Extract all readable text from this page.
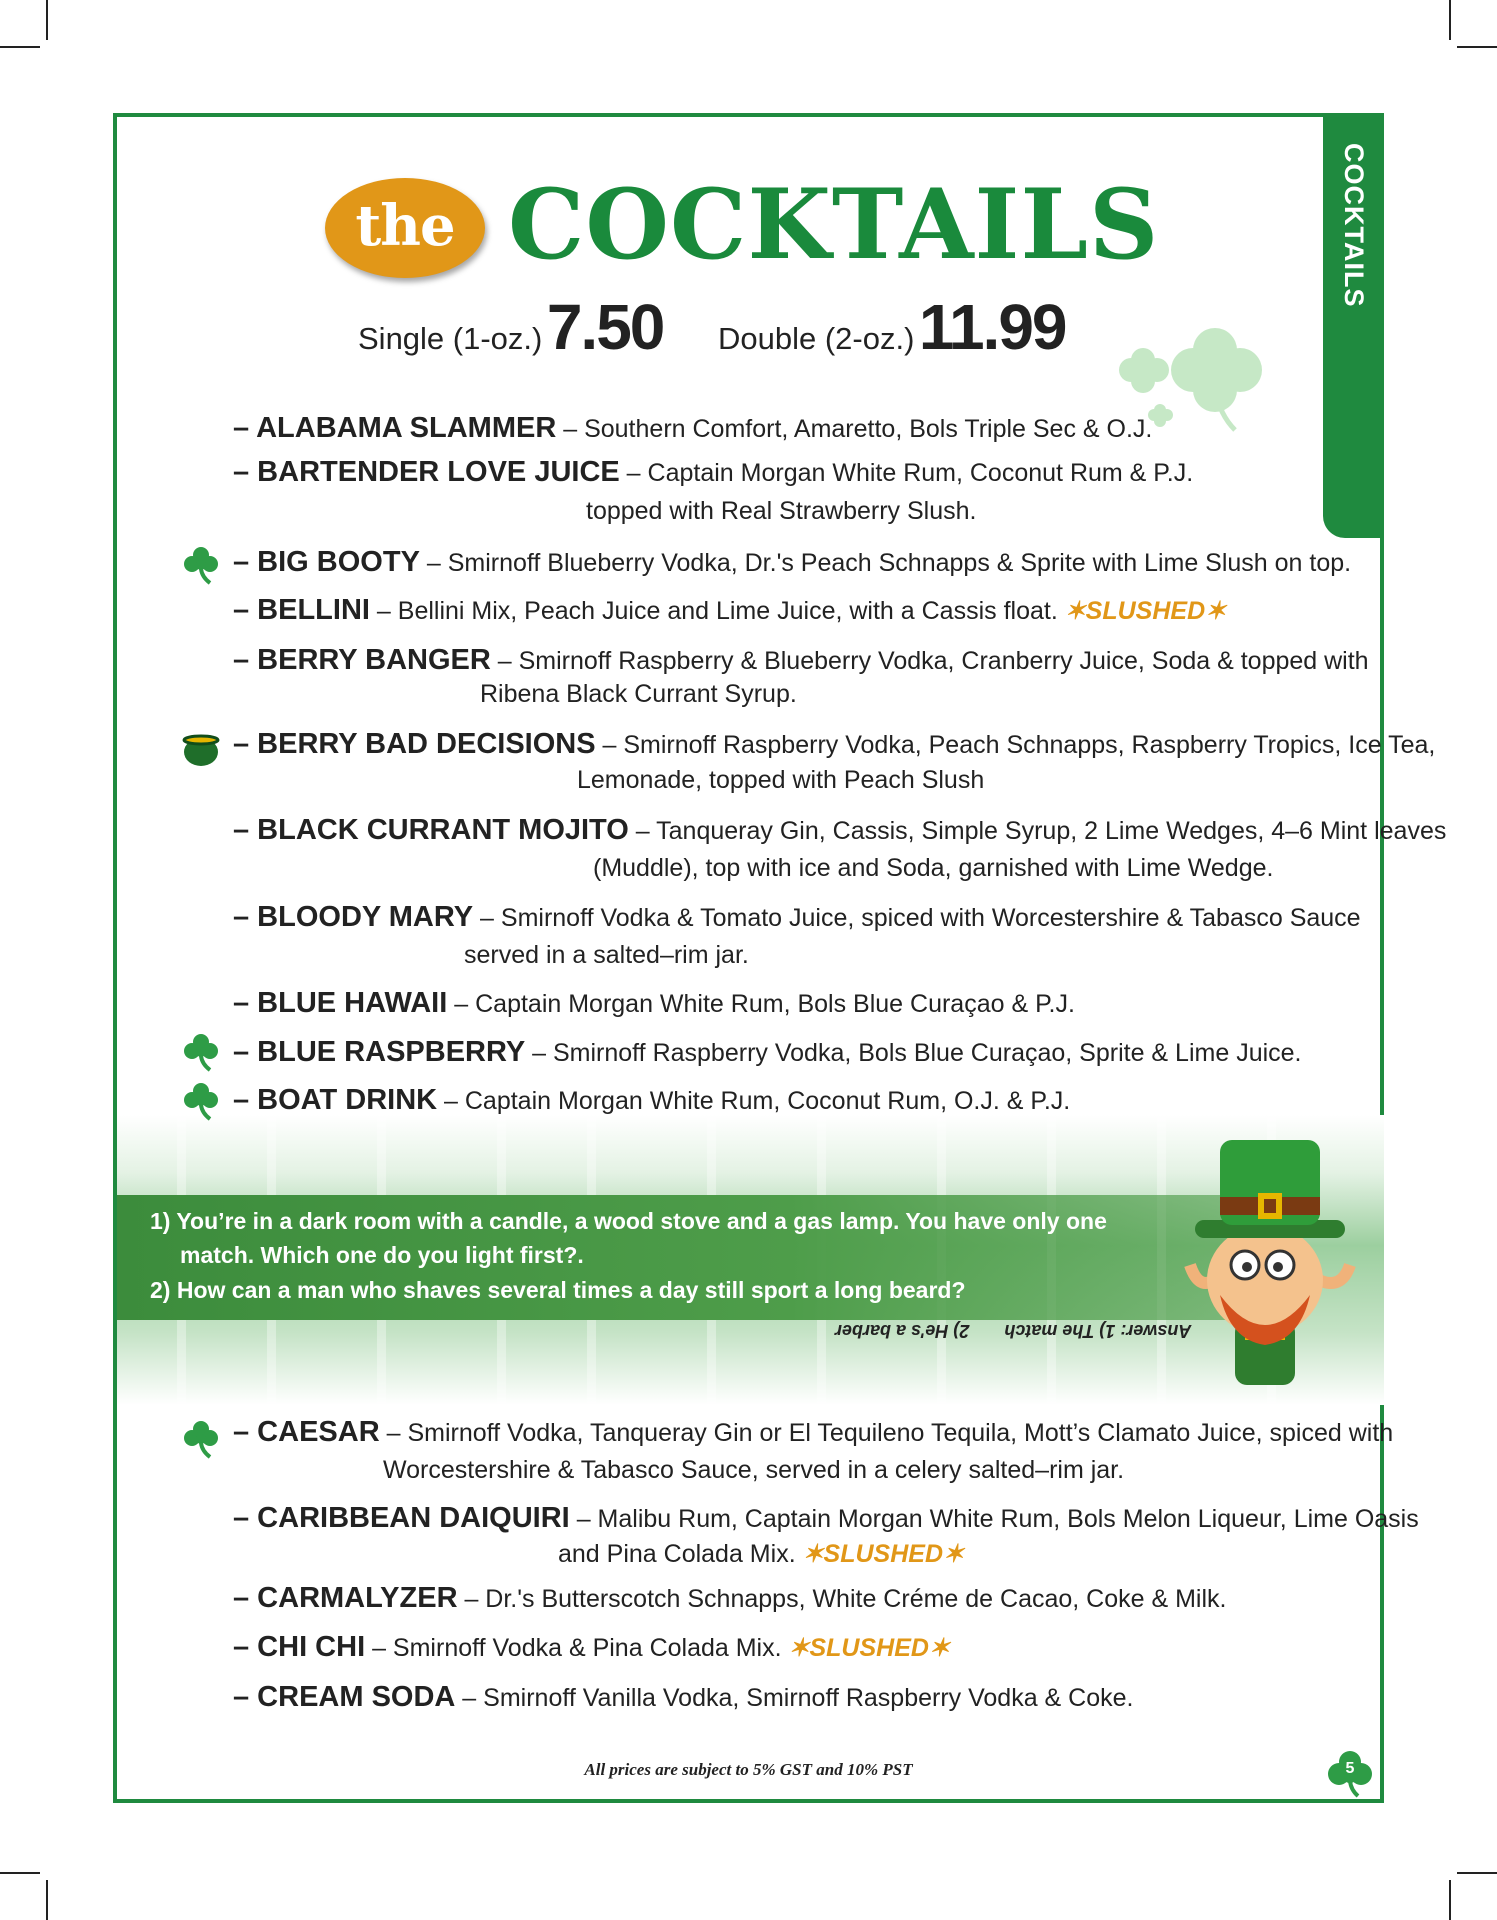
COCKTAILS
the COCKTAILS
Single (1-oz.) 7.50 Double (2-oz.) 11.99
1) You’re in a dark room with a candle, a wood stove and a gas lamp. You have only one
match. Which one do you light first?.
2) How can a man who shaves several times a day still sport a long beard?
Answer: 1) The match       2) He's a barber
– ALABAMA SLAMMER – Southern Comfort, Amaretto, Bols Triple Sec & O.J.
– BARTENDER LOVE JUICE – Captain Morgan White Rum, Coconut Rum & P.J.
topped with Real Strawberry Slush.
– BIG BOOTY – Smirnoff Blueberry Vodka, Dr.'s Peach Schnapps & Sprite with Lime Slush on top.
– BELLINI – Bellini Mix, Peach Juice and Lime Juice, with a Cassis float. ✶SLUSHED✶
– BERRY BANGER – Smirnoff Raspberry & Blueberry Vodka, Cranberry Juice, Soda & topped with
Ribena Black Currant Syrup.
– BERRY BAD DECISIONS – Smirnoff Raspberry Vodka, Peach Schnapps, Raspberry Tropics, Ice Tea,
Lemonade, topped with Peach Slush
– BLACK CURRANT MOJITO – Tanqueray Gin, Cassis, Simple Syrup, 2 Lime Wedges, 4–6 Mint leaves
(Muddle), top with ice and Soda, garnished with Lime Wedge.
– BLOODY MARY – Smirnoff Vodka & Tomato Juice, spiced with Worcestershire & Tabasco Sauce
served in a salted–rim jar.
– BLUE HAWAII – Captain Morgan White Rum, Bols Blue Curaçao & P.J.
– BLUE RASPBERRY – Smirnoff Raspberry Vodka, Bols Blue Curaçao, Sprite & Lime Juice.
– BOAT DRINK – Captain Morgan White Rum, Coconut Rum, O.J. & P.J.
– CAESAR – Smirnoff Vodka, Tanqueray Gin or El Tequileno Tequila, Mott’s Clamato Juice, spiced with
Worcestershire & Tabasco Sauce, served in a celery salted–rim jar.
– CARIBBEAN DAIQUIRI – Malibu Rum, Captain Morgan White Rum, Bols Melon Liqueur, Lime Oasis
and Pina Colada Mix. ✶SLUSHED✶
– CARMALYZER – Dr.'s Butterscotch Schnapps, White Créme de Cacao, Coke & Milk.
– CHI CHI – Smirnoff Vodka & Pina Colada Mix. ✶SLUSHED✶
– CREAM SODA – Smirnoff Vanilla Vodka, Smirnoff Raspberry Vodka & Coke.
All prices are subject to 5% GST and 10% PST	5
